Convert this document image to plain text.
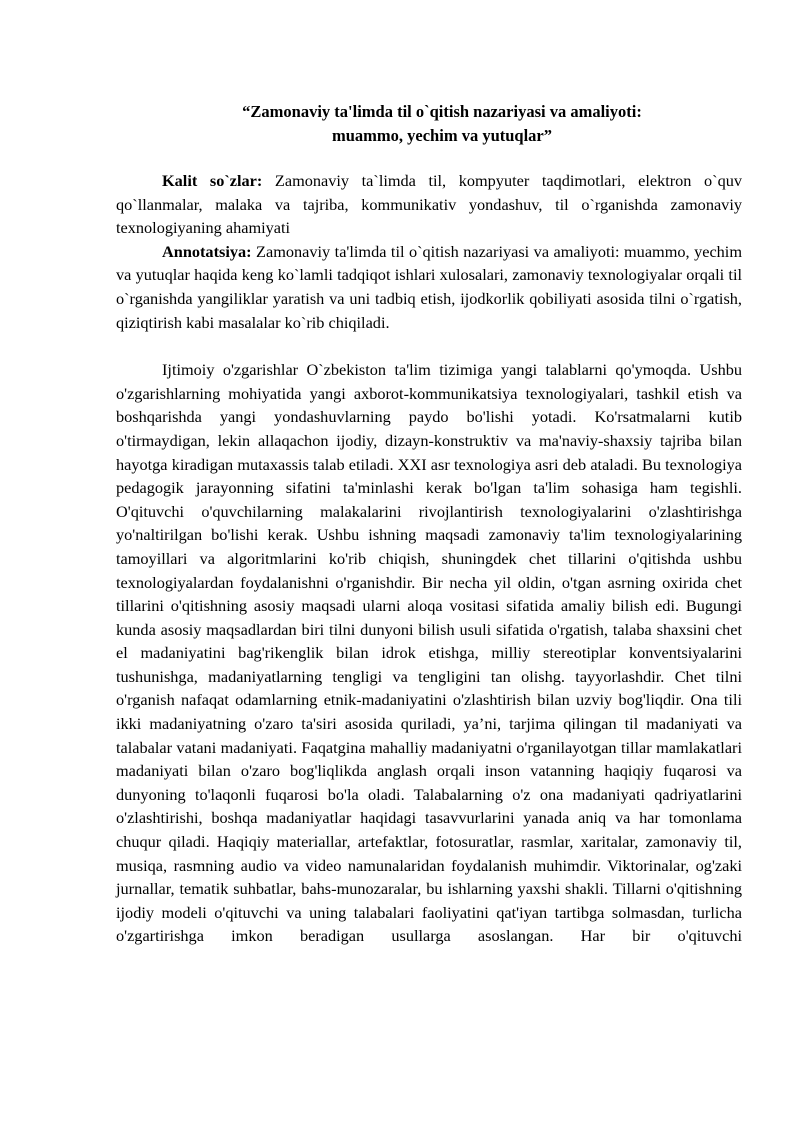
“Zamonaviy ta'limda til o`qitish nazariyasi va amaliyoti:
muammo, yechim va yutuqlar”

Kalit so`zlar: Zamonaviy ta`limda til, kompyuter taqdimotlari, elektron o`quv qo`llanmalar, malaka va tajriba, kommunikativ yondashuv, til o`rganishda zamonaviy texnologiyaning ahamiyati

Annotatsiya: Zamonaviy ta'limda til o`qitish nazariyasi va amaliyoti: muammo, yechim va yutuqlar haqida keng ko`lamli tadqiqot ishlari xulosalari, zamonaviy texnologiyalar orqali til o`rganishda yangiliklar yaratish va uni tadbiq etish, ijodkorlik qobiliyati asosida tilni o`rgatish, qiziqtirish kabi masalalar ko`rib chiqiladi.

Ijtimoiy o'zgarishlar O`zbekiston ta'lim tizimiga yangi talablarni qo'ymoqda. Ushbu o'zgarishlarning mohiyatida yangi axborot-kommunikatsiya texnologiyalari, tashkil etish va boshqarishda yangi yondashuvlarning paydo bo'lishi yotadi. Ko'rsatmalarni kutib o'tirmaydigan, lekin allaqachon ijodiy, dizayn-konstruktiv va ma'naviy-shaxsiy tajriba bilan hayotga kiradigan mutaxassis talab etiladi. XXI asr texnologiya asri deb ataladi. Bu texnologiya pedagogik jarayonning sifatini ta'minlashi kerak bo'lgan ta'lim sohasiga ham tegishli. O'qituvchi o'quvchilarning malakalarini rivojlantirish texnologiyalarini o'zlashtirishga yo'naltirilgan bo'lishi kerak. Ushbu ishning maqsadi zamonaviy ta'lim texnologiyalarining tamoyillari va algoritmlarini ko'rib chiqish, shuningdek chet tillarini o'qitishda ushbu texnologiyalardan foydalanishni o'rganishdir. Bir necha yil oldin, o'tgan asrning oxirida chet tillarini o'qitishning asosiy maqsadi ularni aloqa vositasi sifatida amaliy bilish edi. Bugungi kunda asosiy maqsadlardan biri tilni dunyoni bilish usuli sifatida o'rgatish, talaba shaxsini chet el madaniyatini bag'rikenglik bilan idrok etishga, milliy stereotiplar konventsiyalarini tushunishga, madaniyatlarning tengligi va tengligini tan olishg. tayyorlashdir. Chet tilni o'rganish nafaqat odamlarning etnik-madaniyatini o'zlashtirish bilan uzviy bog'liqdir. Ona tili ikki madaniyatning o'zaro ta'siri asosida quriladi, ya’ni, tarjima qilingan til madaniyati va talabalar vatani madaniyati. Faqatgina mahalliy madaniyatni o'rganilayotgan tillar mamlakatlari madaniyati bilan o'zaro bog'liqlikda anglash orqali inson vatanning haqiqiy fuqarosi va dunyoning to'laqonli fuqarosi bo'la oladi. Talabalarning o'z ona madaniyati qadriyatlarini o'zlashtirishi, boshqa madaniyatlar haqidagi tasavvurlarini yanada aniq va har tomonlama chuqur qiladi. Haqiqiy materiallar, artefaktlar, fotosuratlar, rasmlar, xaritalar, zamonaviy til, musiqa, rasmning audio va video namunalaridan foydalanish muhimdir. Viktorinalar, og'zaki jurnallar, tematik suhbatlar, bahs-munozaralar, bu ishlarning yaxshi shakli. Tillarni o'qitishning ijodiy modeli o'qituvchi va uning talabalari faoliyatini qat'iyan tartibga solmasdan, turlicha o'zgartirishga imkon beradigan usullarga asoslangan. Har bir o'qituvchi
